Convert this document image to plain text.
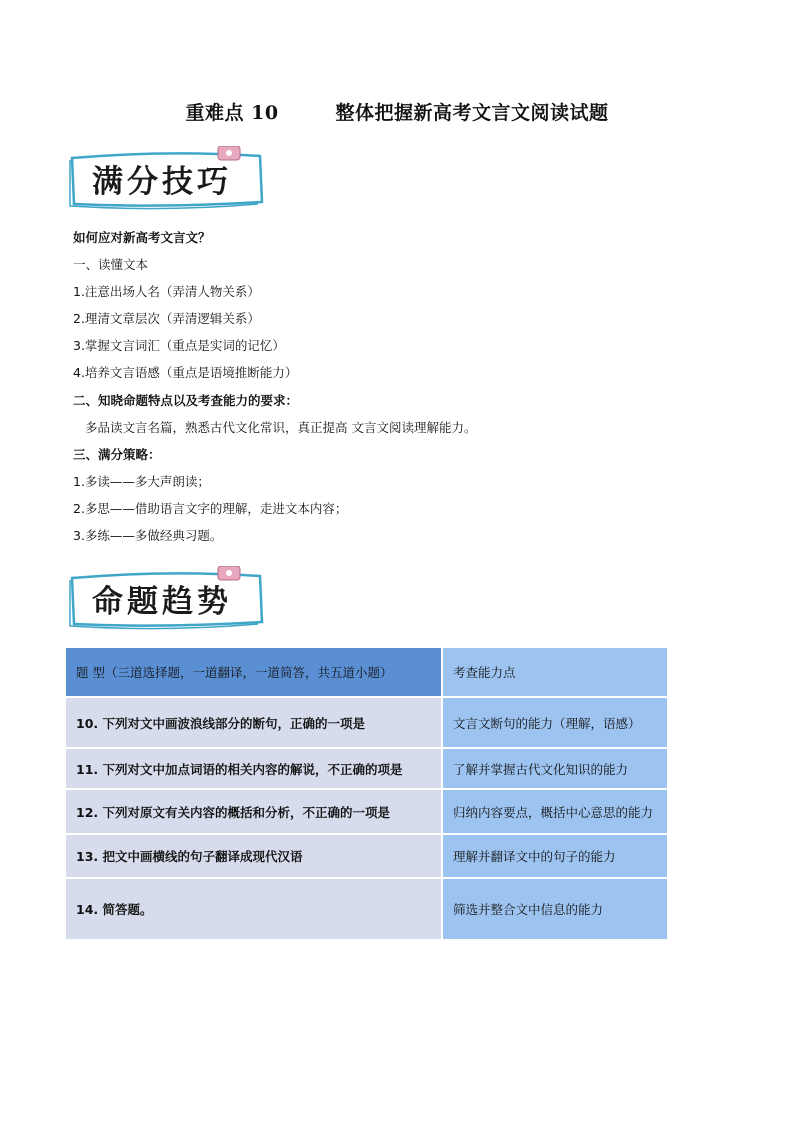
重难点 10        整体把握新高考文言文阅读试题
满分技巧
如何应对新高考文言文？
一、读懂文本
1.注意出场人名（弄清人物关系）
2.理清文章层次（弄清逻辑关系）
3.掌握文言词汇（重点是实词的记忆）
4.培养文言语感（重点是语境推断能力）
二、知晓命题特点以及考查能力的要求：
多品读文言名篇，熟悉古代文化常识，真正提高 文言文阅读理解能力。
三、满分策略：
1.多读——多大声朗读；
2.多思——借助语言文字的理解，走进文本内容；
3.多练——多做经典习题。
命题趋势
题 型（三道选择题，一道翻译，一道简答，共五道小题）	考查能力点
10. 下列对文中画波浪线部分的断句，正确的一项是	文言文断句的能力（理解，语感）
11. 下列对文中加点词语的相关内容的解说，不正确的项是	了解并掌握古代文化知识的能力
12. 下列对原文有关内容的概括和分析，不正确的一项是	归纳内容要点，概括中心意思的能力
13. 把文中画横线的句子翻译成现代汉语	理解并翻译文中的句子的能力
14. 简答题。	筛选并整合文中信息的能力
